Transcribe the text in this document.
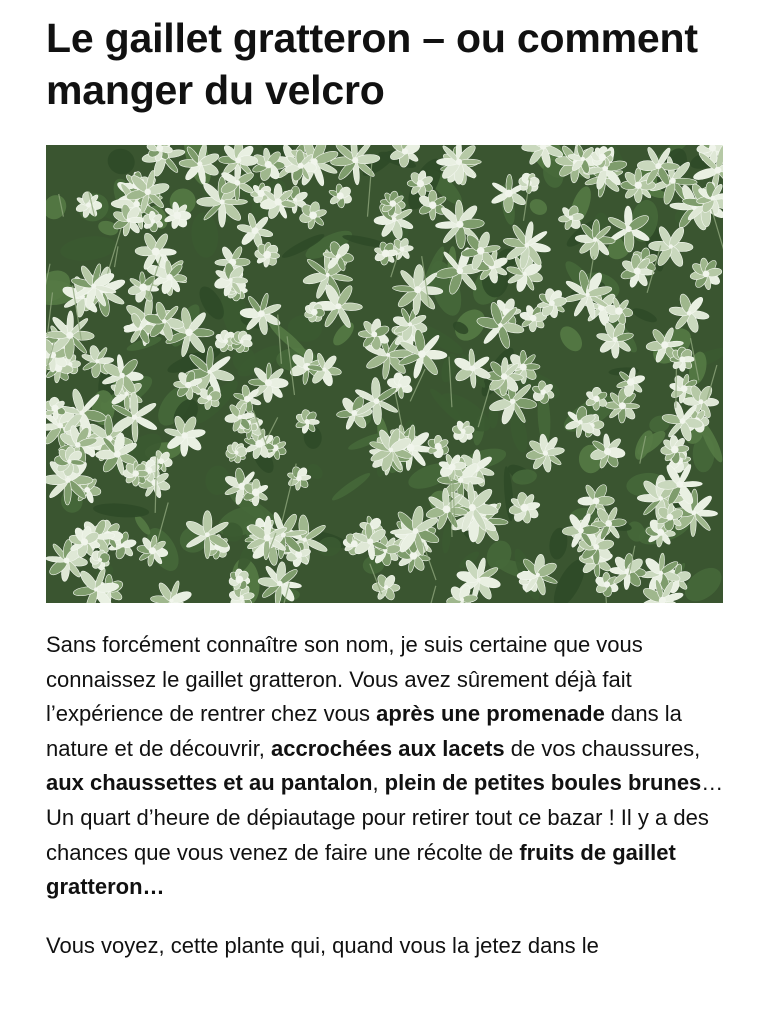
Le gaillet gratteron – ou comment manger du velcro

Sans forcément connaître son nom, je suis certaine que vous connaissez le gaillet gratteron. Vous avez sûrement déjà fait l’expérience de rentrer chez vous après une promenade dans la nature et de découvrir, accrochées aux lacets de vos chaussures, aux chaussettes et au pantalon, plein de petites boules brunes… Un quart d’heure de dépiautage pour retirer tout ce bazar ! Il y a des chances que vous venez de faire une récolte de fruits de gaillet gratteron…

Vous voyez, cette plante qui, quand vous la jetez dans le
